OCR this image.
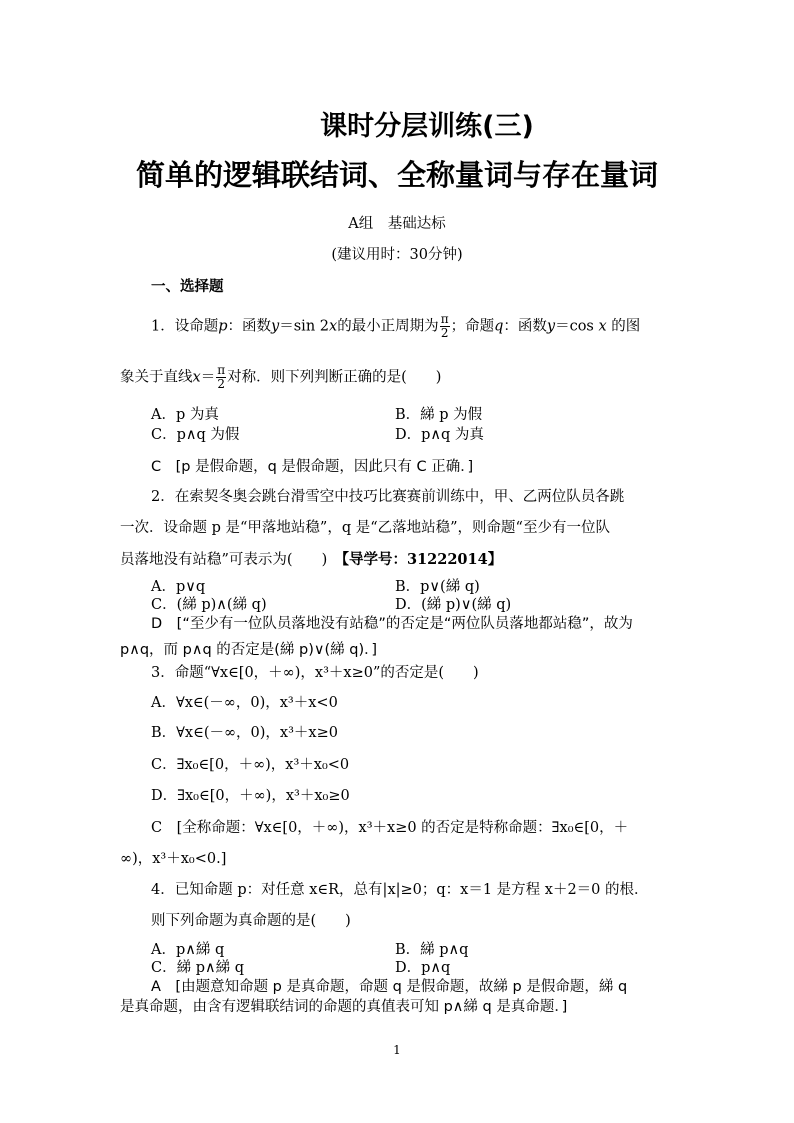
课时分层训练(三)
简单的逻辑联结词、全称量词与存在量词
A组　基础达标
(建议用时：30分钟)
一、选择题
1．设命题p：函数y＝sin 2x的最小正周期为 $\frac{\pi}{2}$ ；命题q：函数y＝cos x 的图
象关于直线$x= \frac{\pi}{2}$ 对称．则下列判断正确的是(　　)
A．p 为真	B．綈 p 为假
C．p∧q 为假	D．p∧q 为真
C　[p 是假命题，q 是假命题，因此只有 C 正确．]
2．在索契冬奥会跳台滑雪空中技巧比赛赛前训练中，甲、乙两位队员各跳
一次．设命题 p 是“甲落地站稳”，q 是“乙落地站稳”，则命题“至少有一位队
员落地没有站稳”可表示为(　　)　 【导学号：31222014】
A．p∨q	B．p∨(綈 q)
C．(綈 p)∧(綈 q)	D．(綈 p)∨(綈 q)
D　[“至少有一位队员落地没有站稳”的否定是“两位队员落地都站稳”，故为
p∧q，而 p∧q 的否定是(綈 p)∨(綈 q)．]
3．命题“∀x∈[0，＋∞)，x³＋x≥0”的否定是(　　)
A．∀x∈(－∞，0)，x³＋x<0
B．∀x∈(－∞，0)，x³＋x≥0
C．∃x₀∈[0，＋∞)，x³＋x₀<0
D．∃x₀∈[0，＋∞)，x³＋x₀≥0
C　[全称命题：∀x∈[0，＋∞)，x³＋x≥0 的否定是特称命题：∃x₀∈[0，＋
∞)，x³＋x₀<0.]
4．已知命题 p：对任意 x∈R，总有|x|≥0；q：x＝1 是方程 x＋2＝0 的根．
则下列命题为真命题的是(　　)
A．p∧綈 q	B．綈 p∧q
C．綈 p∧綈 q	D．p∧q
A　[由题意知命题 p 是真命题，命题 q 是假命题，故綈 p 是假命题，綈 q
是真命题，由含有逻辑联结词的命题的真值表可知 p∧綈 q 是真命题．]
1
